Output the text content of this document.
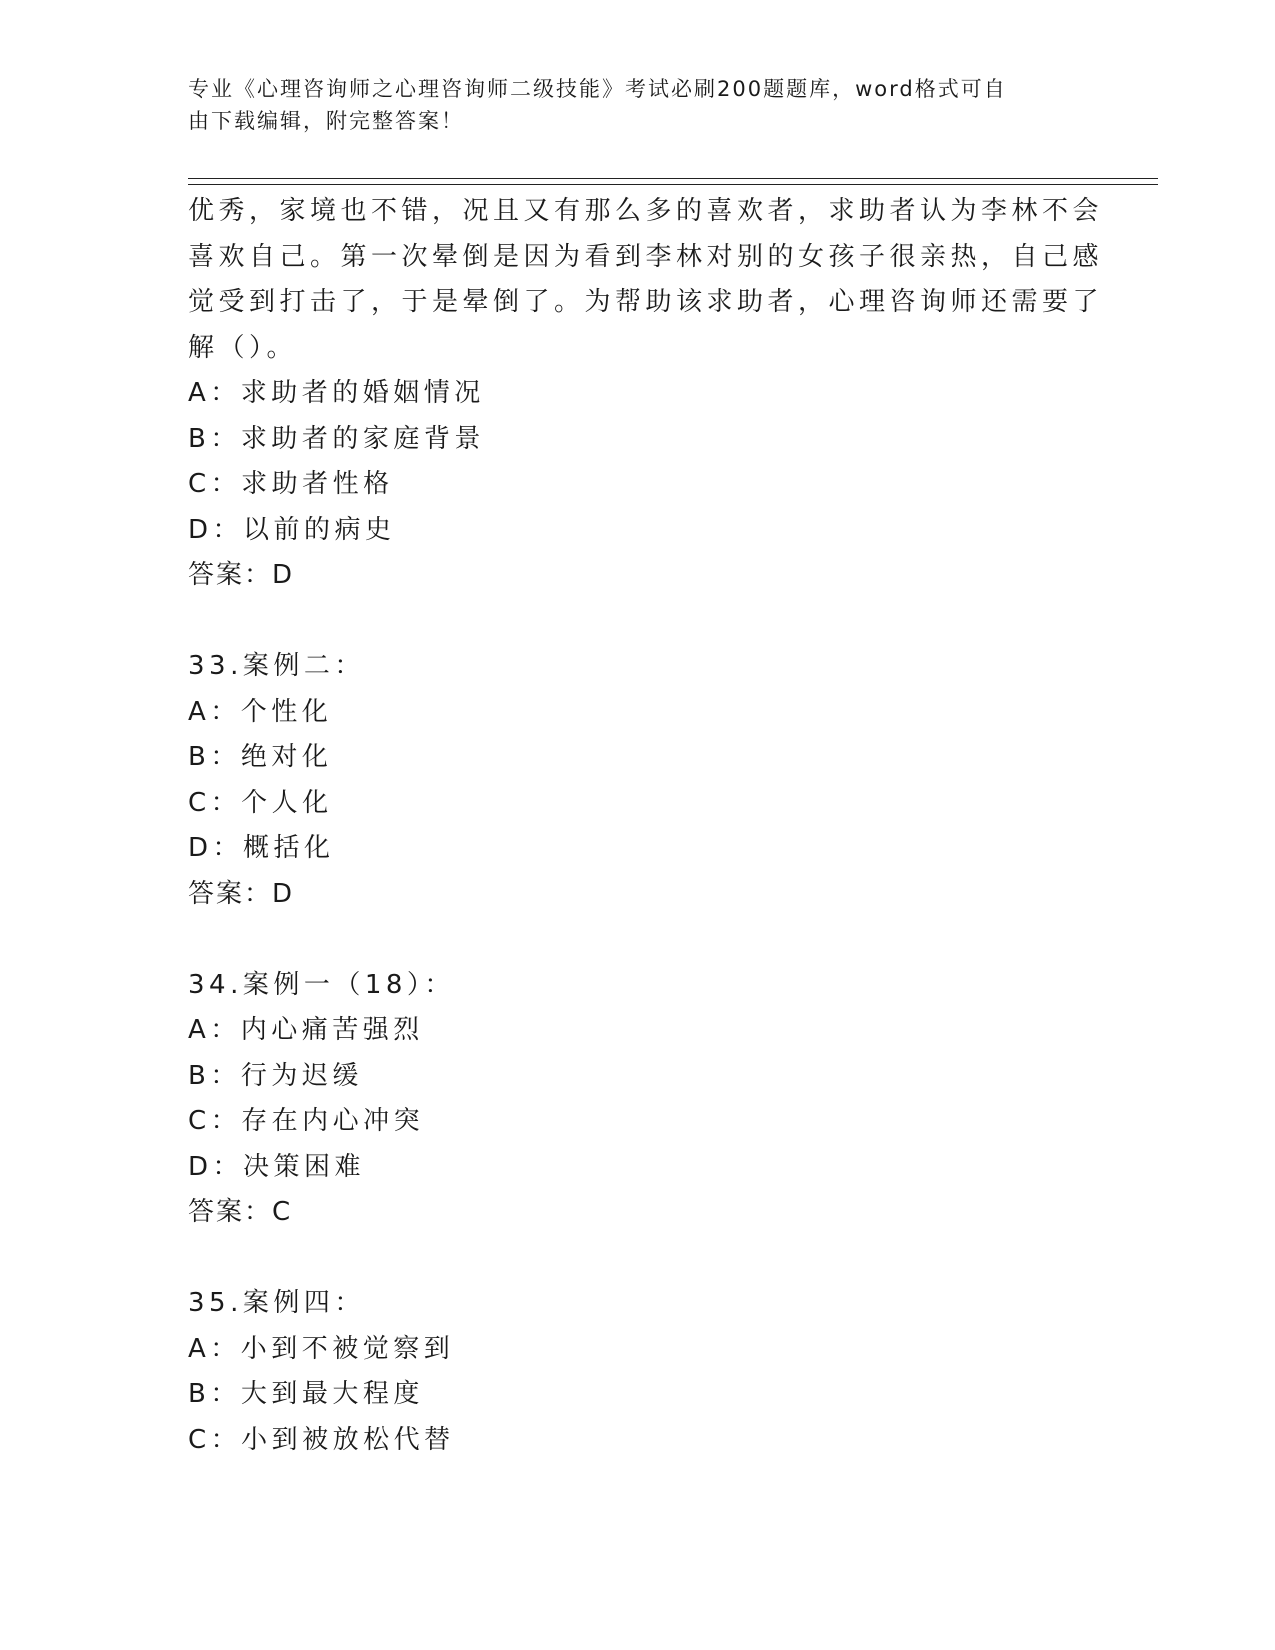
专业《心理咨询师之心理咨询师二级技能》考试必刷200题题库，word格式可自
由下载编辑，附完整答案！
优秀，家境也不错，况且又有那么多的喜欢者，求助者认为李林不会
喜欢自己。第一次晕倒是因为看到李林对别的女孩子很亲热，自己感
觉受到打击了，于是晕倒了。为帮助该求助者，心理咨询师还需要了
解（）。
A：求助者的婚姻情况
B：求助者的家庭背景
C：求助者性格
D：以前的病史
答案：D
33.案例二：
A：个性化
B：绝对化
C：个人化
D：概括化
答案：D
34.案例一（18）：
A：内心痛苦强烈
B：行为迟缓
C：存在内心冲突
D：决策困难
答案：C
35.案例四：
A：小到不被觉察到
B：大到最大程度
C：小到被放松代替
